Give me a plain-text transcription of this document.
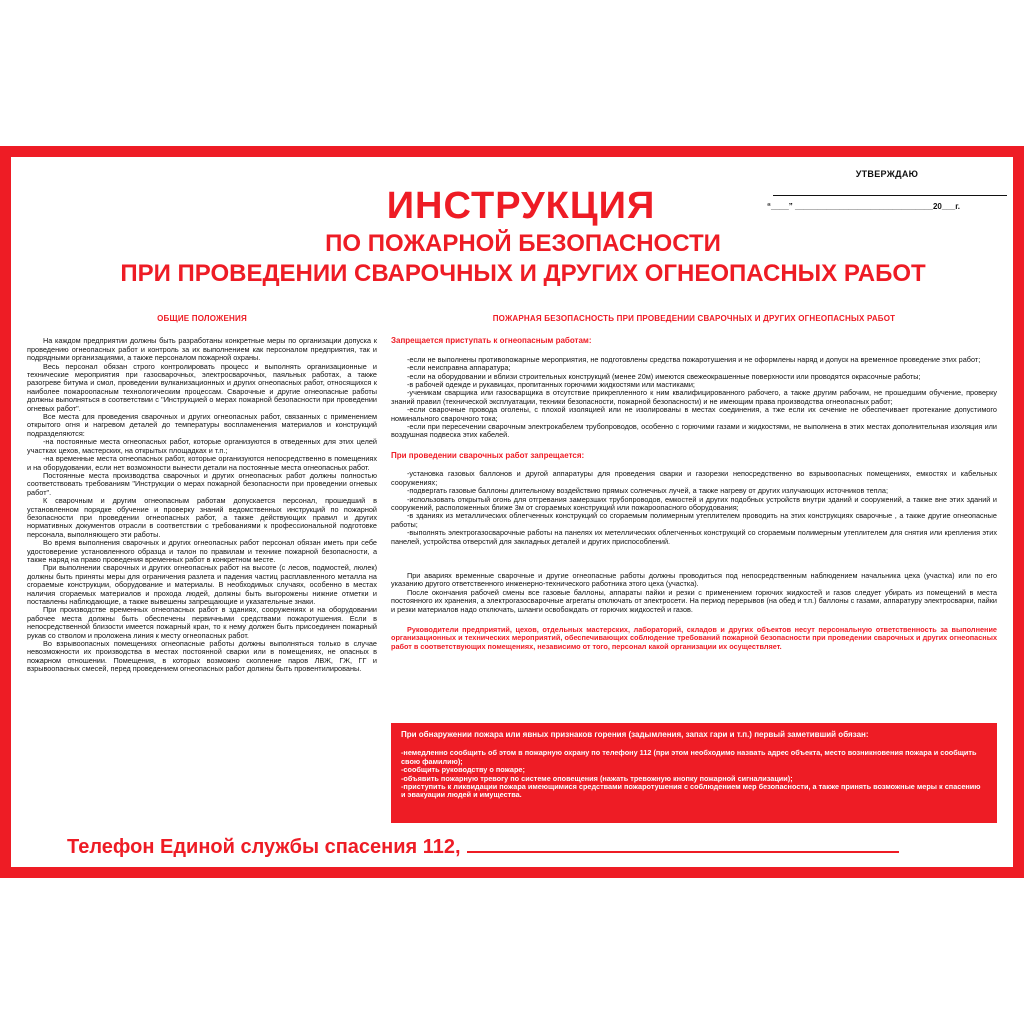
УТВЕРЖДАЮ
“____” _______________________________20___г.
ИНСТРУКЦИЯ
ПО ПОЖАРНОЙ БЕЗОПАСНОСТИ
ПРИ ПРОВЕДЕНИИ СВАРОЧНЫХ И ДРУГИХ ОГНЕОПАСНЫХ РАБОТ
ОБЩИЕ ПОЛОЖЕНИЯ

На каждом предприятии должны быть разработаны конкретные меры по организации допуска к проведению огнеопасных работ и контроль за их выполнением как персоналом предприятия, так и подрядными организациями, а также персоналом пожарной охраны.

Весь персонал обязан строго контролировать процесс и выполнять организационные и технические мероприятия при газосварочных, электросварочных, паяльных работах, а также разогреве битума и смол, проведении вулканизационных и других огнеопасных работ, относящихся к наиболее пожароопасным технологическим процессам. Сварочные и другие огнеопасные работы должны выполняться в соответствии с "Инструкцией о мерах пожарной безопасности при проведении огневых работ".

Все места для проведения сварочных и других огнеопасных работ, связанных с применением открытого огня и нагревом деталей до температуры воспламенения материалов и конструкций подразделяются:

-на постоянные места огнеопасных работ, которые организуются в отведенных для этих целей участках цехов, мастерских, на открытых площадках и т.п.;

-на временные места огнеопасных работ, которые организуются непосредственно в помещениях и на оборудовании, если нет возможности вынести детали на постоянные места огнеопасных работ.

Постоянные места производства сварочных и других огнеопасных работ должны полностью соответствовать требованиям "Инструкции о мерах пожарной безопасности при проведении огневых работ".

К сварочным и другим огнеопасным работам допускается персонал, прошедший в установленном порядке обучение и проверку знаний ведомственных инструкций по пожарной безопасности при проведении огнеопасных работ, а также действующих правил и других нормативных документов отрасли в соответствии с требованиями к профессиональной подготовке персонала, выполняющего эти работы.

Во время выполнения сварочных и других огнеопасных работ персонал обязан иметь при себе удостоверение установленного образца и талон по правилам и технике пожарной безопасности, а также наряд на право проведения временных работ в конкретном месте.

При выполнении сварочных и других огнеопасных работ на высоте (с лесов, подмостей, люлек) должны быть приняты меры для ограничения разлета и падения частиц расплавленного металла на сгораемые конструкции, оборудование и материалы. В необходимых случаях, особенно в местах наличия сгораемых материалов и прохода людей, должны быть выгорожены нижние отметки и поставлены наблюдающие, а также вывешены запрещающие и указательные знаки.

При производстве временных огнеопасных работ в зданиях, сооружениях и на оборудовании рабочее места должны быть обеспечены первичными средствами пожаротушения. Если в непосредственной близости имеется пожарный кран, то к нему должен быть присоединен пожарный рукав со стволом и проложена линия к месту огнеопасных работ.

Во взрывоопасных помещениях огнеопасные работы должны выполняться только в случае невозможности их производства в местах постоянной сварки или в помещениях, не опасных в пожарном отношении. Помещения, в которых возможно скопление паров ЛВЖ, ГЖ, ГГ и взрывоопасных смесей, перед проведением огнеопасных работ должны быть провентилированы.

ПОЖАРНАЯ БЕЗОПАСНОСТЬ ПРИ ПРОВЕДЕНИИ СВАРОЧНЫХ И ДРУГИХ ОГНЕОПАСНЫХ РАБОТ

Запрещается приступать к огнеопасным работам:

-если не выполнены противопожарные мероприятия, не подготовлены средства пожаротушения и не оформлены наряд и допуск на временное проведение этих работ;

-если неисправна аппаратура;

-если на оборудовании и вблизи строительных конструкций (менее 20м) имеются свежеокрашенные поверхности или проводятся окрасочные работы;

-в рабочей одежде и рукавицах, пропитанных горючими жидкостями или мастиками;

-ученикам сварщика или газосварщика в отсутствие прикрепленного к ним квалифицированного рабочего, а также другим рабочим, не прошедшим обучение, проверку знаний правил (технической эксплуатации, техники безопасности, пожарной безопасности) и не имеющим права производства огнеопасных работ;

-если сварочные провода оголены, с плохой изоляцией или не изолированы в местах соединения, а тже если их сечение не обеспечивает протекание допустимого номинального сварочного тока;

-если при пересечении сварочным электрокабелем трубопроводов, особенно с горючими газами и жидкостями, не выполнена в этих местах дополнительная изоляция или воздушная подвеска этих кабелей.

При проведении сварочных работ запрещается:

-установка газовых баллонов и другой аппаратуры для проведения сварки и газорезки непосредственно во взрывоопасных помещениях, емкостях и кабельных сооружениях;

-подвергать газовые баллоны длительному воздействию прямых солнечных лучей, а также нагреву от других излучающих источников тепла;

-использовать открытый огонь для отгревания замерзших трубопроводов, емкостей и других подобных устройств внутри зданий и сооружений, а также вне этих зданий и сооружений, расположенных ближе 3м от сгораемых конструкций или пожароопасного оборудования;

-в зданиях из металлических облегченных конструкций со сгораемым полимерным утеплителем проводить на этих конструкциях сварочные , а также другие огнеопасные работы;

-выполнять электрогазосварочные работы на панелях их метеллических облегченных конструкций со сгораемым полимерным утеплителем для снятия или крепления этих панелей, устройства отверстий для закладных деталей и других приспособлений.

При авариях временные сварочные и другие огнеопасные работы должны проводиться под непосредственным наблюдением начальника цеха (участка) или по его указанию другого ответственного инженерно-технического работника этого цеха (участка).

После окончания рабочей смены все газовые баллоны, аппараты пайки и резки с применением горючих жидкостей и газов следует убирать из помещений в места постоянного их хранения, а электрогазосварочные агрегаты отключать от электросети. На период перерывов (на обед и т.п.) баллоны с газами, аппаратуру электросварки, пайки и резки материалов надо отключать, шланги освобождать от горючих жидкостей и газов.

Руководители предприятий, цехов, отдельных мастерских, лабораторий, складов и других объектов несут персональную ответственность за выполнение организационных и технических мероприятий, обеспечивающих соблюдение требований пожарной безопасности при проведении сварочных и других огнеопасных работ в соответствующих помещениях, независимо от того, персонал какой организации их осуществляет.

При обнаружении пожара или явных признаков горения (задымления, запах гари и т.п.) первый заметивший обязан:
-немедленно сообщить об этом в пожарную охрану по телефону 112 (при этом необходимо назвать адрес объекта, место возникновения пожара и сообщить свою фамилию);
-сообщить руководству о пожаре;
-объявить пожарную тревогу по системе оповещения (нажать тревожную кнопку пожарной сигнализации);
-приступить к ликвидации пожара имеющимися средствами пожаротушения с соблюдением мер безопасности, а также принять возможные меры к спасению и эвакуации людей и имущества.
Телефон Единой службы спасения 112,
